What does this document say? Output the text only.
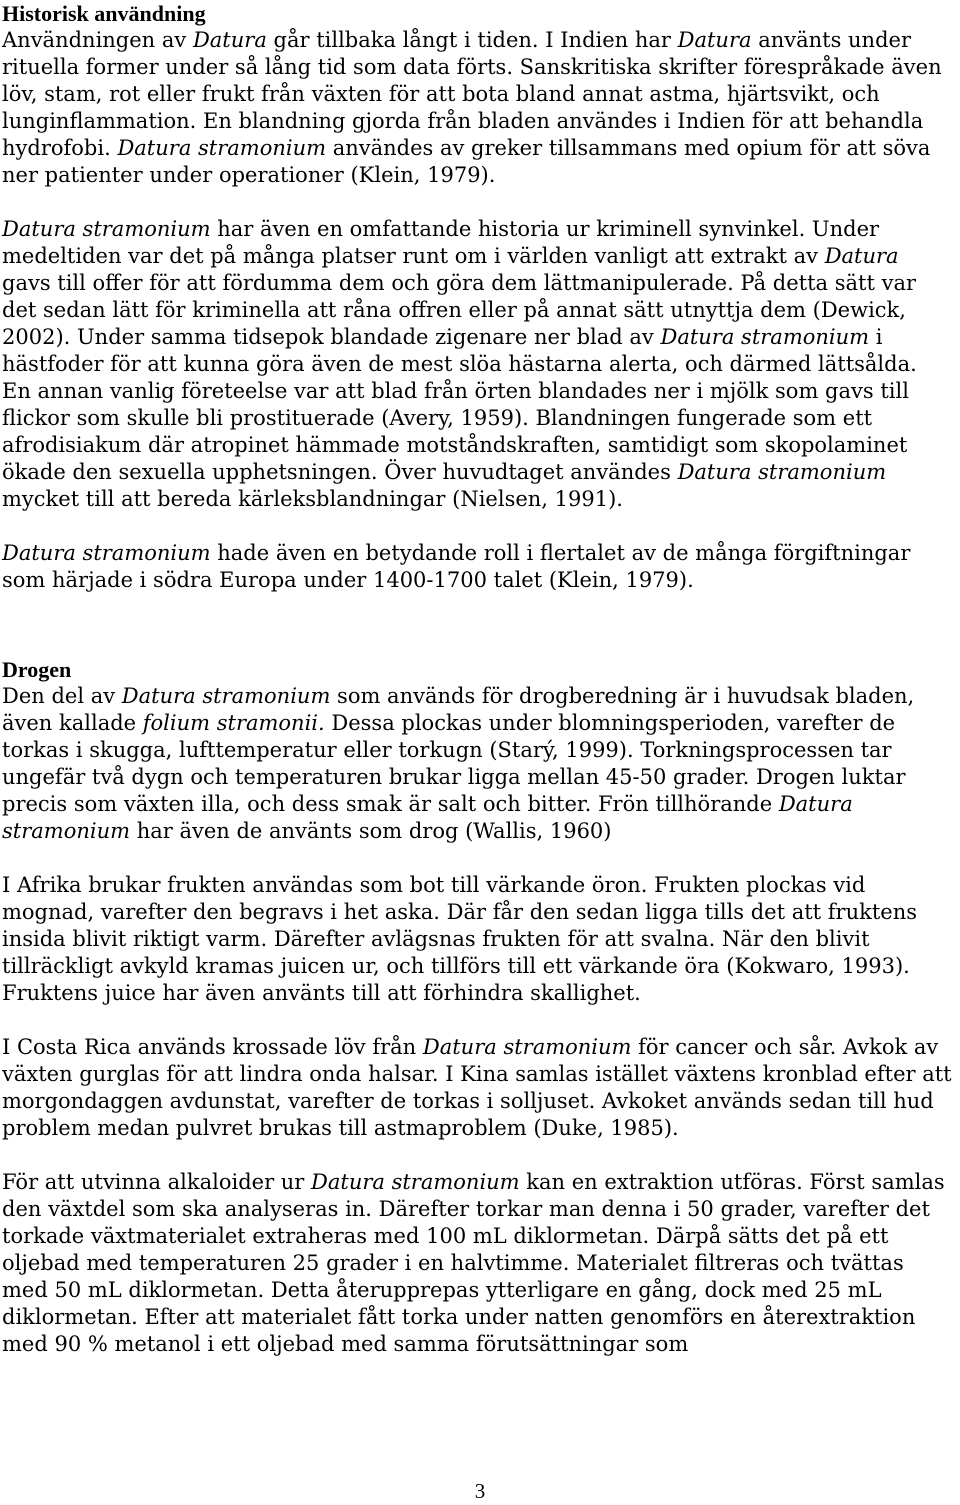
Historisk användning

Användningen av Datura går tillbaka långt i tiden. I Indien har Datura använts under rituella former under så lång tid som data förts. Sanskritiska skrifter förespråkade även löv, stam, rot eller frukt från växten för att bota bland annat astma, hjärtsvikt, och lunginflammation. En blandning gjorda från bladen användes i Indien för att behandla hydrofobi. Datura stramonium användes av greker tillsammans med opium för att söva ner patienter under operationer (Klein, 1979).

Datura stramonium har även en omfattande historia ur kriminell synvinkel. Under medeltiden var det på många platser runt om i världen vanligt att extrakt av Datura gavs till offer för att fördumma dem och göra dem lättmanipulerade. På detta sätt var det sedan lätt för kriminella att råna offren eller på annat sätt utnyttja dem (Dewick, 2002). Under samma tidsepok blandade zigenare ner blad av Datura stramonium i hästfoder för att kunna göra även de mest slöa hästarna alerta, och därmed lättsålda. En annan vanlig företeelse var att blad från örten blandades ner i mjölk som gavs till flickor som skulle bli prostituerade (Avery, 1959). Blandningen fungerade som ett afrodisiakum där atropinet hämmade motståndskraften, samtidigt som skopolaminet ökade den sexuella upphetsningen. Över huvudtaget användes Datura stramonium mycket till att bereda kärleksblandningar (Nielsen, 1991).

Datura stramonium hade även en betydande roll i flertalet av de många förgiftningar som härjade i södra Europa under 1400-1700 talet (Klein, 1979).

Drogen

Den del av Datura stramonium som används för drogberedning är i huvudsak bladen, även kallade folium stramonii. Dessa plockas under blomningsperioden, varefter de torkas i skugga, lufttemperatur eller torkugn (Starý, 1999). Torkningsprocessen tar ungefär två dygn och temperaturen brukar ligga mellan 45-50 grader. Drogen luktar precis som växten illa, och dess smak är salt och bitter. Frön tillhörande Datura stramonium har även de använts som drog (Wallis, 1960)

I Afrika brukar frukten användas som bot till värkande öron. Frukten plockas vid mognad, varefter den begravs i het aska. Där får den sedan ligga tills det att fruktens insida blivit riktigt varm. Därefter avlägsnas frukten för att svalna. När den blivit tillräckligt avkyld kramas juicen ur, och tillförs till ett värkande öra (Kokwaro, 1993). Fruktens juice har även använts till att förhindra skallighet.

I Costa Rica används krossade löv från Datura stramonium för cancer och sår. Avkok av växten gurglas för att lindra onda halsar. I Kina samlas istället växtens kronblad efter att morgondaggen avdunstat, varefter de torkas i solljuset. Avkoket används sedan till hud problem medan pulvret brukas till astmaproblem (Duke, 1985).

För att utvinna alkaloider ur Datura stramonium kan en extraktion utföras. Först samlas den växtdel som ska analyseras in. Därefter torkar man denna i 50 grader, varefter det torkade växtmaterialet extraheras med 100 mL diklormetan. Därpå sätts det på ett oljebad med temperaturen 25 grader i en halvtimme. Materialet filtreras och tvättas med 50 mL diklormetan. Detta återupprepas ytterligare en gång, dock med 25 mL diklormetan. Efter att materialet fått torka under natten genomförs en återextraktion med 90 % metanol i ett oljebad med samma förutsättningar som

3
